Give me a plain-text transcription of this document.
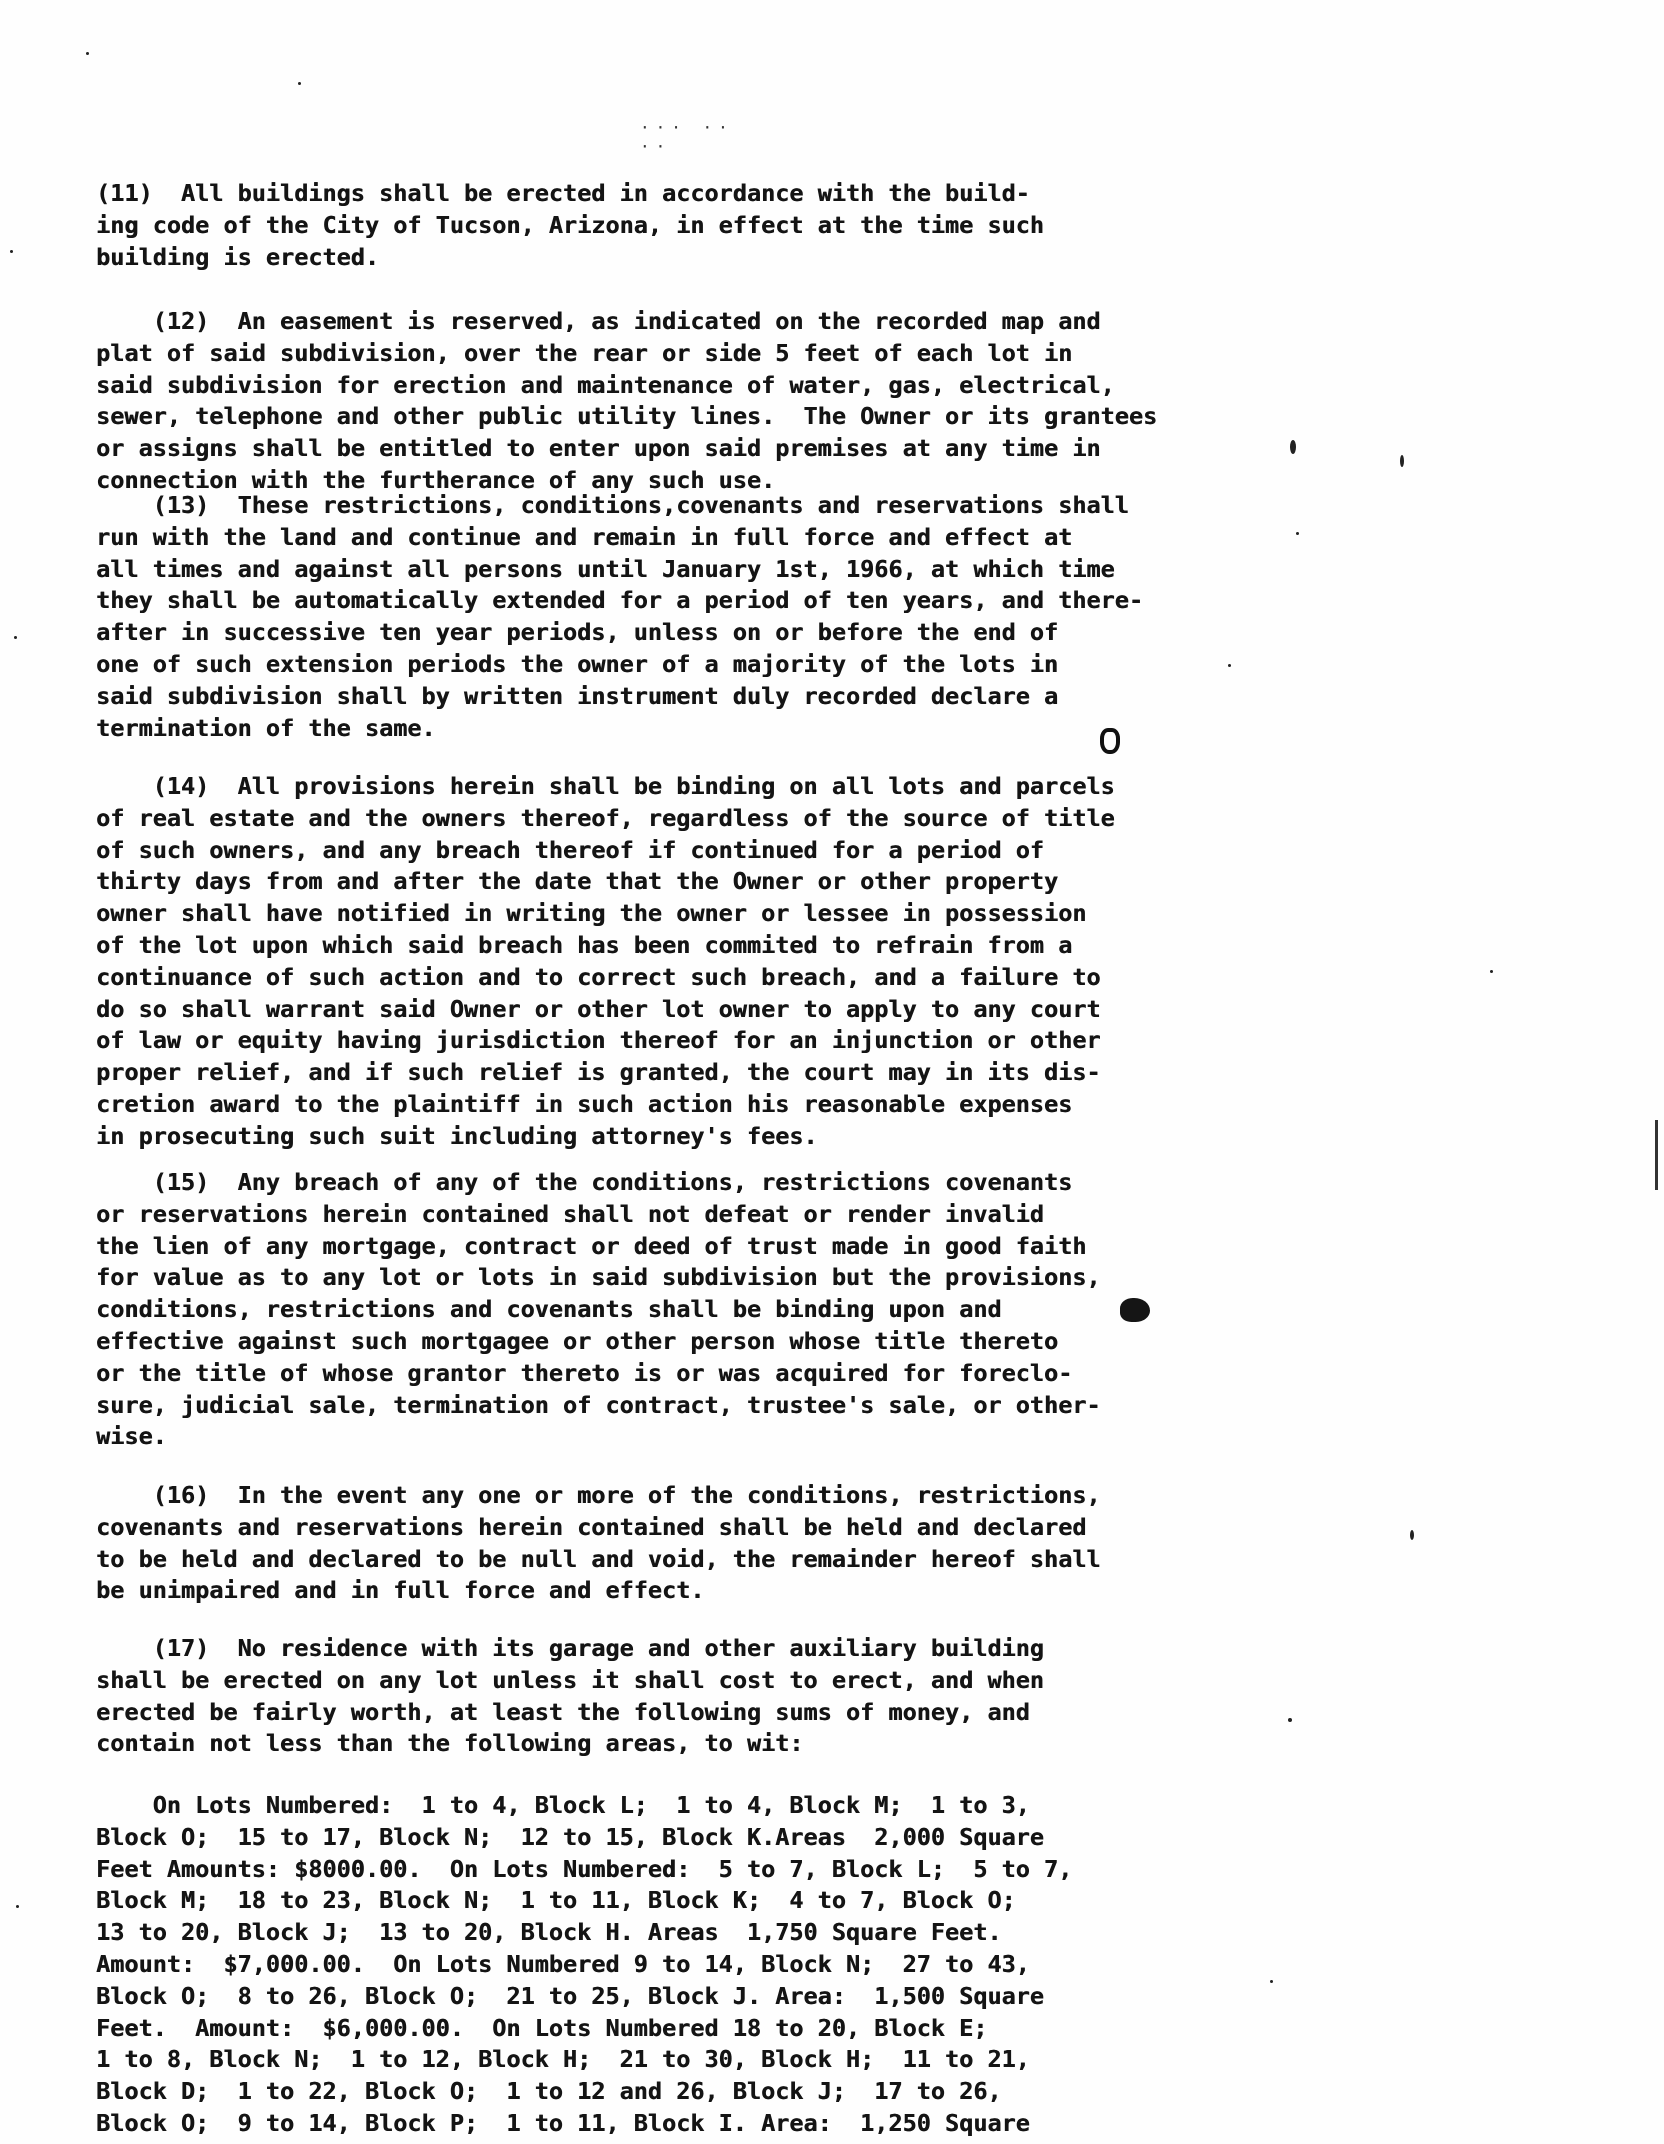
··· ·· ··
(11)  All buildings shall be erected in accordance with the build-
ing code of the City of Tucson, Arizona, in effect at the time such
building is erected.
(12)  An easement is reserved, as indicated on the recorded map and
plat of said subdivision, over the rear or side 5 feet of each lot in
said subdivision for erection and maintenance of water, gas, electrical,
sewer, telephone and other public utility lines.  The Owner or its grantees
or assigns shall be entitled to enter upon said premises at any time in
connection with the furtherance of any such use.
(13)  These restrictions, conditions,covenants and reservations shall
run with the land and continue and remain in full force and effect at
all times and against all persons until January 1st, 1966, at which time
they shall be automatically extended for a period of ten years, and there-
after in successive ten year periods, unless on or before the end of
one of such extension periods the owner of a majority of the lots in
said subdivision shall by written instrument duly recorded declare a
termination of the same.
(14)  All provisions herein shall be binding on all lots and parcels
of real estate and the owners thereof, regardless of the source of title
of such owners, and any breach thereof if continued for a period of
thirty days from and after the date that the Owner or other property
owner shall have notified in writing the owner or lessee in possession
of the lot upon which said breach has been commited to refrain from a
continuance of such action and to correct such breach, and a failure to
do so shall warrant said Owner or other lot owner to apply to any court
of law or equity having jurisdiction thereof for an injunction or other
proper relief, and if such relief is granted, the court may in its dis-
cretion award to the plaintiff in such action his reasonable expenses
in prosecuting such suit including attorney's fees.
(15)  Any breach of any of the conditions, restrictions covenants
or reservations herein contained shall not defeat or render invalid
the lien of any mortgage, contract or deed of trust made in good faith
for value as to any lot or lots in said subdivision but the provisions,
conditions, restrictions and covenants shall be binding upon and
effective against such mortgagee or other person whose title thereto
or the title of whose grantor thereto is or was acquired for foreclo-
sure, judicial sale, termination of contract, trustee's sale, or other-
wise.
(16)  In the event any one or more of the conditions, restrictions,
covenants and reservations herein contained shall be held and declared
to be held and declared to be null and void, the remainder hereof shall
be unimpaired and in full force and effect.
(17)  No residence with its garage and other auxiliary building
shall be erected on any lot unless it shall cost to erect, and when
erected be fairly worth, at least the following sums of money, and
contain not less than the following areas, to wit:
On Lots Numbered:  1 to 4, Block L;  1 to 4, Block M;  1 to 3,
Block O;  15 to 17, Block N;  12 to 15, Block K.Areas  2,000 Square
Feet Amounts: $8000.00.  On Lots Numbered:  5 to 7, Block L;  5 to 7,
Block M;  18 to 23, Block N;  1 to 11, Block K;  4 to 7, Block O;
13 to 20, Block J;  13 to 20, Block H. Areas  1,750 Square Feet.
Amount:  $7,000.00.  On Lots Numbered 9 to 14, Block N;  27 to 43,
Block O;  8 to 26, Block O;  21 to 25, Block J. Area:  1,500 Square
Feet.  Amount:  $6,000.00.  On Lots Numbered 18 to 20, Block E;
1 to 8, Block N;  1 to 12, Block H;  21 to 30, Block H;  11 to 21,
Block D;  1 to 22, Block O;  1 to 12 and 26, Block J;  17 to 26,
Block O;  9 to 14, Block P;  1 to 11, Block I. Area:  1,250 Square
